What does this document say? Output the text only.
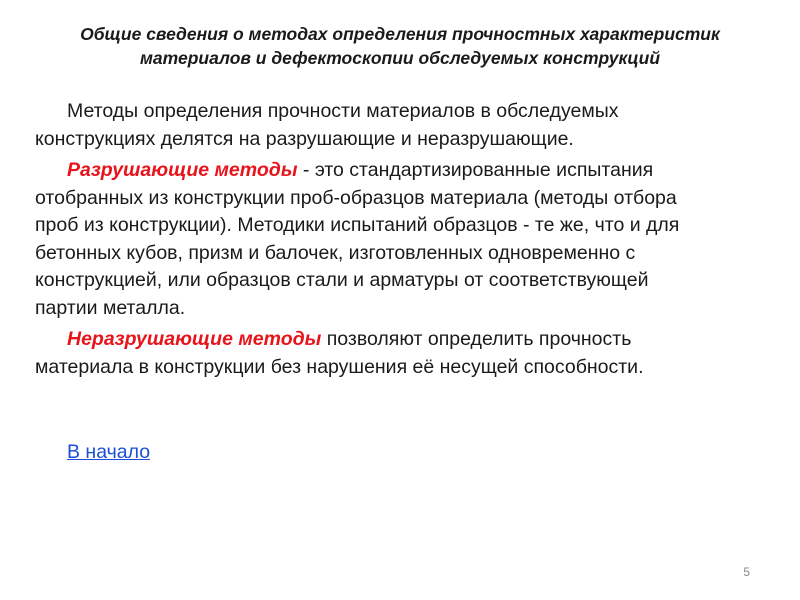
Общие сведения о методах определения прочностных характеристик
материалов и дефектоскопии обследуемых конструкций
Методы определения прочности материалов в обследуемых
конструкциях делятся на разрушающие и неразрушающие.
Разрушающие методы - это стандартизированные испытания
отобранных из конструкции проб-образцов материала (методы отбора
проб из конструкции). Методики испытаний образцов - те же, что и для
бетонных кубов, призм и балочек, изготовленных одновременно с
конструкцией, или образцов стали и арматуры от соответствующей
партии металла.
Неразрушающие методы позволяют определить прочность
материала в конструкции без нарушения её несущей способности.
В начало
5
